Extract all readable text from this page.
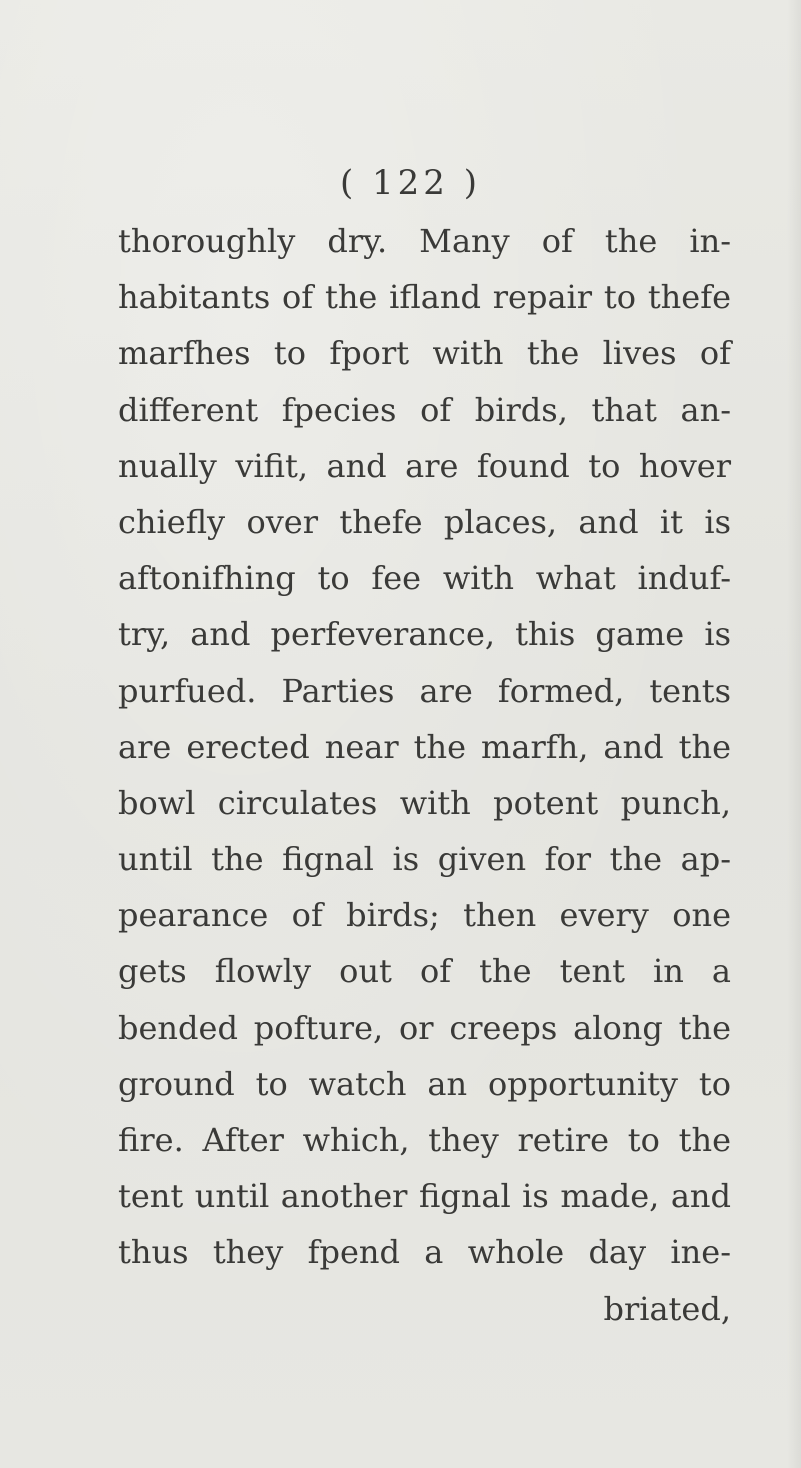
( 122 )
thoroughly dry. Many of the in-
habitants of the ifland repair to thefe
marfhes to fport with the lives of
different fpecies of birds, that an-
nually vifit, and are found to hover
chiefly over thefe places, and it is
aftonifhing to fee with what induf-
try, and perfeverance, this game is
purfued. Parties are formed, tents
are erected near the marfh, and the
bowl circulates with potent punch,
until the fignal is given for the ap-
pearance of birds; then every one
gets flowly out of the tent in a
bended pofture, or creeps along the
ground to watch an opportunity to
fire. After which, they retire to the
tent until another fignal is made, and
thus they fpend a whole day ine-
briated,
